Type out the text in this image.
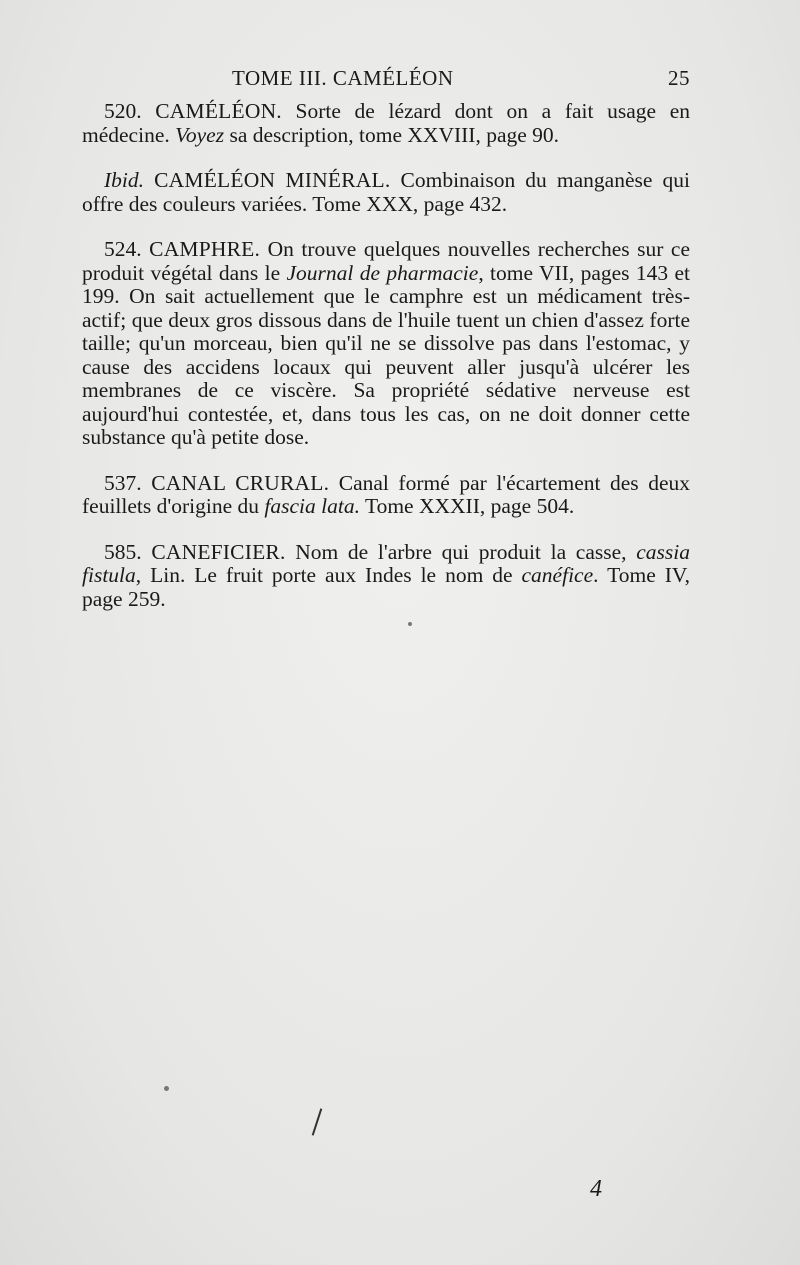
TOME III. CAMÉLÉON	25

520. CAMÉLÉON. Sorte de lézard dont on a fait usage en médecine. Voyez sa description, tome XXVIII, page 90.

Ibid. CAMÉLÉON MINÉRAL. Combinaison du manganèse qui offre des couleurs variées. Tome XXX, page 432.

524. CAMPHRE. On trouve quelques nouvelles recherches sur ce produit végétal dans le Journal de pharmacie, tome VII, pages 143 et 199. On sait actuellement que le camphre est un médicament très-actif; que deux gros dissous dans de l'huile tuent un chien d'assez forte taille; qu'un morceau, bien qu'il ne se dissolve pas dans l'estomac, y cause des accidens locaux qui peuvent aller jusqu'à ulcérer les membranes de ce viscère. Sa propriété sédative nerveuse est aujourd'hui contestée, et, dans tous les cas, on ne doit donner cette substance qu'à petite dose.

537. CANAL CRURAL. Canal formé par l'écartement des deux feuillets d'origine du fascia lata. Tome XXXII, page 504.

585. CANEFICIER. Nom de l'arbre qui produit la casse, cassia fistula, Lin. Le fruit porte aux Indes le nom de canéfice. Tome IV, page 259.

4
